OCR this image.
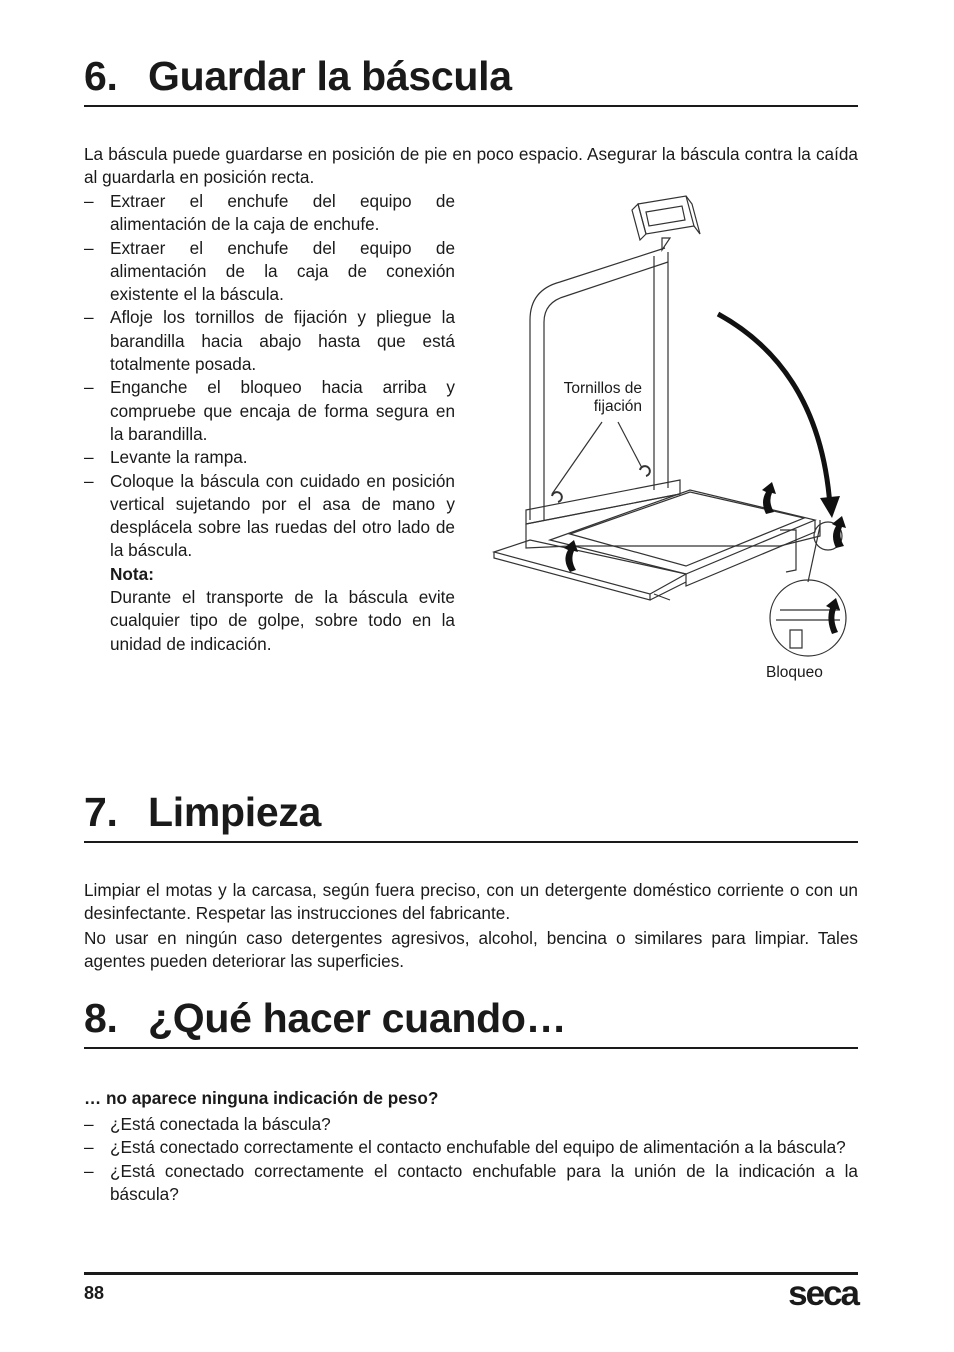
6. Guardar la báscula

La báscula puede guardarse en posición de pie en poco espacio. Asegurar la báscula contra la caída al guardarla en posición recta.

– Extraer el enchufe del equipo de alimentación de la caja de enchufe.
– Extraer el enchufe del equipo de alimentación de la caja de conexión existente el la báscula.
– Afloje los tornillos de fijación y pliegue la barandilla hacia abajo hasta que está totalmente posada.
– Enganche el bloqueo hacia arriba y compruebe que encaja de forma segura en la barandilla.
– Levante la rampa.
– Coloque la báscula con cuidado en posición vertical sujetando por el asa de mano y desplácela sobre las ruedas del otro lado de la báscula.
Nota:
Durante el transporte de la báscula evite cualquier tipo de golpe, sobre todo en la unidad de indicación.
Tornillos de
fijación
Bloqueo
7. Limpieza

Limpiar el motas y la carcasa, según fuera preciso, con un detergente doméstico corriente o con un desinfectante. Respetar las instrucciones del fabricante.

No usar en ningún caso detergentes agresivos, alcohol, bencina o similares para limpiar. Tales agentes pueden deteriorar las superficies.

8. ¿Qué hacer cuando…

… no aparece ninguna indicación de peso?

– ¿Está conectada la báscula?
– ¿Está conectado correctamente el contacto enchufable del equipo de alimentación a la báscula?
– ¿Está conectado correctamente el contacto enchufable para la unión de la indicación a la báscula?
88	seca
